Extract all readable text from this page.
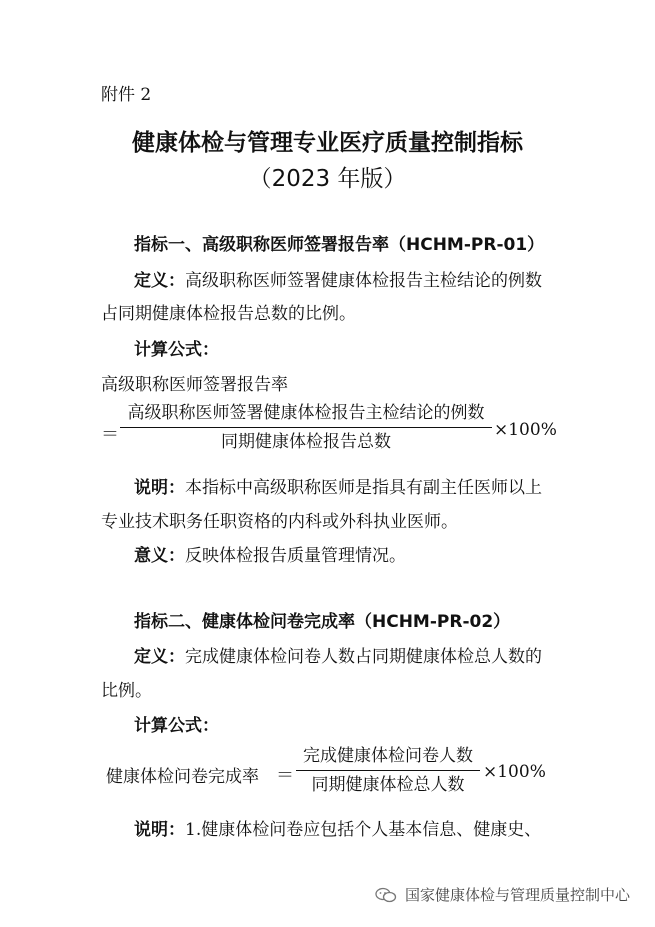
附件 2
健康体检与管理专业医疗质量控制指标
（2023 年版）
指标一、高级职称医师签署报告率（HCHM-PR-01）
定义：高级职称医师签署健康体检报告主检结论的例数
占同期健康体检报告总数的比例。
计算公式：
高级职称医师签署报告率
＝
高级职称医师签署健康体检报告主检结论的例数
同期健康体检报告总数
×100%
说明：本指标中高级职称医师是指具有副主任医师以上
专业技术职务任职资格的内科或外科执业医师。
意义：反映体检报告质量管理情况。
指标二、健康体检问卷完成率（HCHM-PR-02）
定义：完成健康体检问卷人数占同期健康体检总人数的
比例。
计算公式：
健康体检问卷完成率 ＝
完成健康体检问卷人数
同期健康体检总人数
×100%
说明：1.健康体检问卷应包括个人基本信息、健康史、
国家健康体检与管理质量控制中心
